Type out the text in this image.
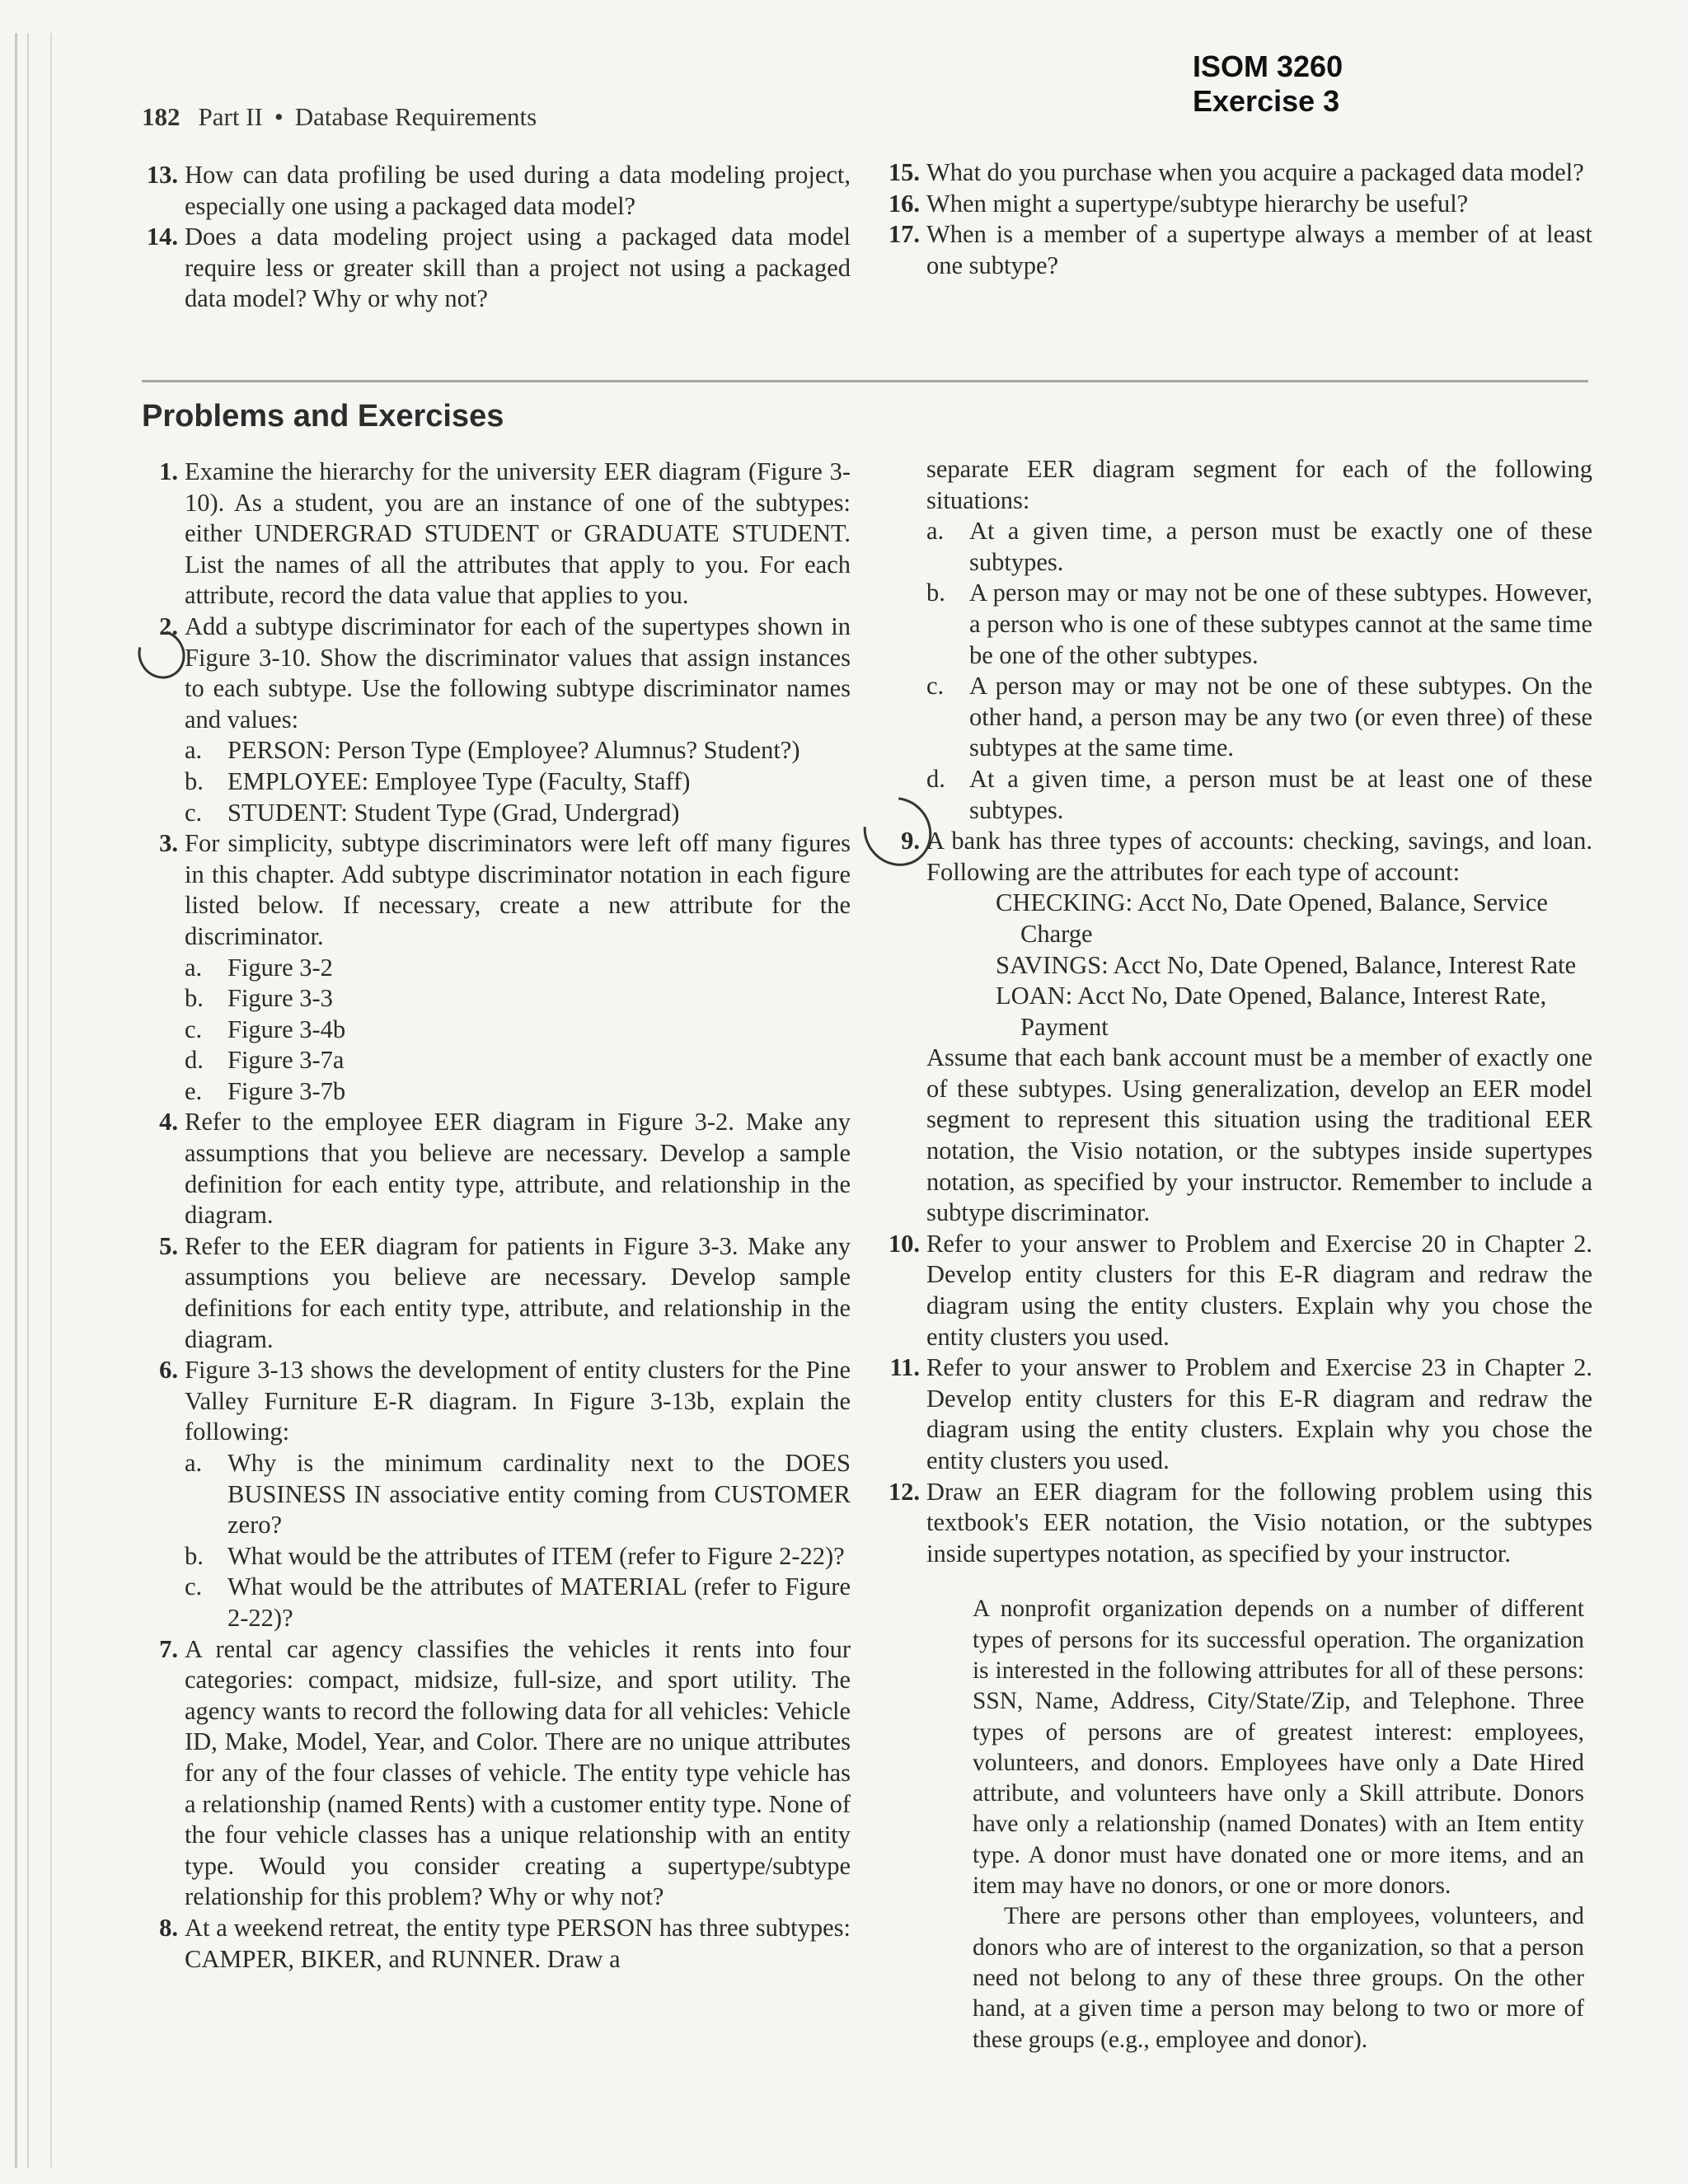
182 Part II • Database Requirements
ISOM 3260
Exercise 3
13. How can data profiling be used during a data modeling project, especially one using a packaged data model?
14. Does a data modeling project using a packaged data model require less or greater skill than a project not using a packaged data model? Why or why not?
15. What do you purchase when you acquire a packaged data model?
16. When might a supertype/subtype hierarchy be useful?
17. When is a member of a supertype always a member of at least one subtype?
Problems and Exercises
1. Examine the hierarchy for the university EER diagram (Figure 3-10). As a student, you are an instance of one of the subtypes: either UNDERGRAD STUDENT or GRADUATE STUDENT. List the names of all the attributes that apply to you. For each attribute, record the data value that applies to you.
2. Add a subtype discriminator for each of the supertypes shown in Figure 3-10. Show the discriminator values that assign instances to each subtype. Use the following subtype discriminator names and values:
a.	PERSON: Person Type (Employee? Alumnus? Student?)
b. EMPLOYEE: Employee Type (Faculty, Staff)
c.	STUDENT: Student Type (Grad, Undergrad)
3. For simplicity, subtype discriminators were left off many figures in this chapter. Add subtype discriminator notation in each figure listed below. If necessary, create a new attribute for the discriminator.
a.	Figure 3-2
b. Figure 3-3
c.	Figure 3-4b
d. Figure 3-7a
e.	Figure 3-7b
4. Refer to the employee EER diagram in Figure 3-2. Make any assumptions that you believe are necessary. Develop a sample definition for each entity type, attribute, and relationship in the diagram.
5. Refer to the EER diagram for patients in Figure 3-3. Make any assumptions you believe are necessary. Develop sample definitions for each entity type, attribute, and relationship in the diagram.
6. Figure 3-13 shows the development of entity clusters for the Pine Valley Furniture E-R diagram. In Figure 3-13b, explain the following:
a.	Why is the minimum cardinality next to the DOES BUSINESS IN associative entity coming from CUSTOMER zero?
b. What would be the attributes of ITEM (refer to Figure 2-22)?
c.	What would be the attributes of MATERIAL (refer to Figure 2-22)?
7. A rental car agency classifies the vehicles it rents into four categories: compact, midsize, full-size, and sport utility. The agency wants to record the following data for all vehicles: Vehicle ID, Make, Model, Year, and Color. There are no unique attributes for any of the four classes of vehicle. The entity type vehicle has a relationship (named Rents) with a customer entity type. None of the four vehicle classes has a unique relationship with an entity type. Would you consider creating a supertype/subtype relationship for this problem? Why or why not?
8. At a weekend retreat, the entity type PERSON has three subtypes: CAMPER, BIKER, and RUNNER. Draw a
separate EER diagram segment for each of the following situations:
a.	At a given time, a person must be exactly one of these subtypes.
b. A person may or may not be one of these subtypes. However, a person who is one of these subtypes cannot at the same time be one of the other subtypes.
c.	A person may or may not be one of these subtypes. On the other hand, a person may be any two (or even three) of these subtypes at the same time.
d. At a given time, a person must be at least one of these subtypes.
9. A bank has three types of accounts: checking, savings, and loan. Following are the attributes for each type of account:
CHECKING: Acct No, Date Opened, Balance, Service Charge
SAVINGS: Acct No, Date Opened, Balance, Interest Rate
LOAN: Acct No, Date Opened, Balance, Interest Rate, Payment
Assume that each bank account must be a member of exactly one of these subtypes. Using generalization, develop an EER model segment to represent this situation using the traditional EER notation, the Visio notation, or the subtypes inside supertypes notation, as specified by your instructor. Remember to include a subtype discriminator.
10. Refer to your answer to Problem and Exercise 20 in Chapter 2. Develop entity clusters for this E-R diagram and redraw the diagram using the entity clusters. Explain why you chose the entity clusters you used.
11. Refer to your answer to Problem and Exercise 23 in Chapter 2. Develop entity clusters for this E-R diagram and redraw the diagram using the entity clusters. Explain why you chose the entity clusters you used.
12. Draw an EER diagram for the following problem using this textbook's EER notation, the Visio notation, or the subtypes inside supertypes notation, as specified by your instructor.

A nonprofit organization depends on a number of different types of persons for its successful operation. The organization is interested in the following attributes for all of these persons: SSN, Name, Address, City/State/Zip, and Telephone. Three types of persons are of greatest interest: employees, volunteers, and donors. Employees have only a Date Hired attribute, and volunteers have only a Skill attribute. Donors have only a relationship (named Donates) with an Item entity type. A donor must have donated one or more items, and an item may have no donors, or one or more donors.

There are persons other than employees, volunteers, and donors who are of interest to the organization, so that a person need not belong to any of these three groups. On the other hand, at a given time a person may belong to two or more of these groups (e.g., employee and donor).
